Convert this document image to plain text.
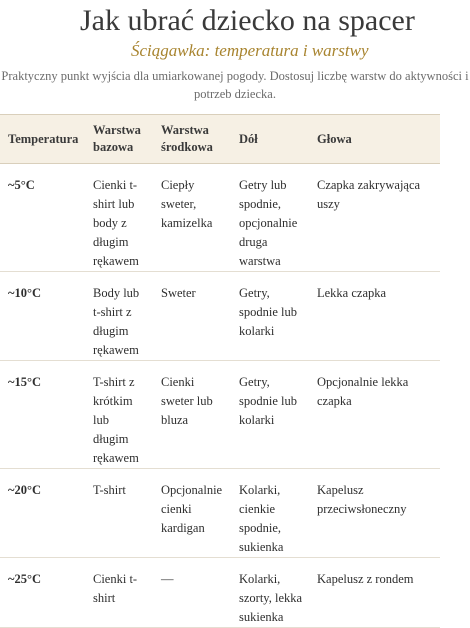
Jak ubrać dziecko na spacer

Ściągawka: temperatura i warstwy

Praktyczny punkt wyjścia dla umiarkowanej pogody. Dostosuj liczbę warstw do aktywności i potrzeb dziecka.

Temperatura	Warstwa bazowa	Warstwa środkowa	Dół	Głowa
~5°C	Cienki t-shirt lub body z długim rękawem	Ciepły sweter, kamizelka	Getry lub spodnie, opcjonalnie druga warstwa	Czapka zakrywająca uszy
~10°C	Body lub t-shirt z długim rękawem	Sweter	Getry, spodnie lub kolarki	Lekka czapka
~15°C	T-shirt z krótkim lub długim rękawem	Cienki sweter lub bluza	Getry, spodnie lub kolarki	Opcjonalnie lekka czapka
~20°C	T-shirt	Opcjonalnie cienki kardigan	Kolarki, cienkie spodnie, sukienka	Kapelusz przeciwsłoneczny
~25°C	Cienki t-shirt	—	Kolarki, szorty, lekka sukienka	Kapelusz z rondem
